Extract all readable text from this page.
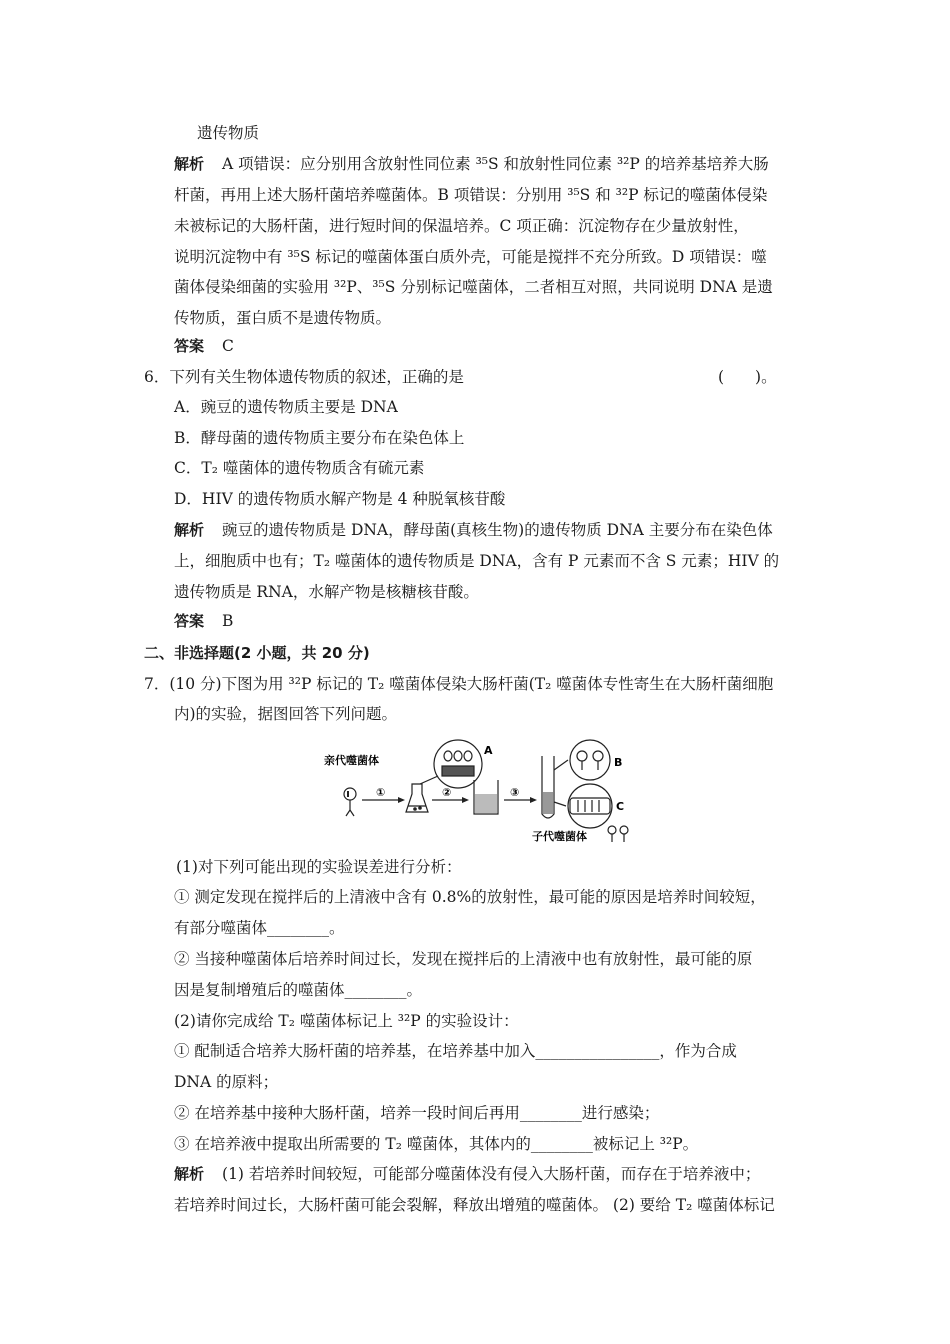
遗传物质
解析 A 项错误：应分别用含放射性同位素 ³⁵S 和放射性同位素 ³²P 的培养基培养大肠
杆菌，再用上述大肠杆菌培养噬菌体。B 项错误：分别用 ³⁵S 和 ³²P 标记的噬菌体侵染
未被标记的大肠杆菌，进行短时间的保温培养。C 项正确：沉淀物存在少量放射性，
说明沉淀物中有 ³⁵S 标记的噬菌体蛋白质外壳，可能是搅拌不充分所致。D 项错误：噬
菌体侵染细菌的实验用 ³²P、³⁵S 分别标记噬菌体，二者相互对照，共同说明 DNA 是遗
传物质，蛋白质不是遗传物质。
答案 C
6．下列有关生物体遗传物质的叙述，正确的是	(　　)。
A．豌豆的遗传物质主要是 DNA
B．酵母菌的遗传物质主要分布在染色体上
C．T₂ 噬菌体的遗传物质含有硫元素
D．HIV 的遗传物质水解产物是 4 种脱氧核苷酸
解析 豌豆的遗传物质是 DNA，酵母菌(真核生物)的遗传物质 DNA 主要分布在染色体
上，细胞质中也有；T₂ 噬菌体的遗传物质是 DNA，含有 P 元素而不含 S 元素；HIV 的
遗传物质是 RNA，水解产物是核糖核苷酸。
答案 B
二、非选择题(2 小题，共 20 分)
7．(10 分)下图为用 ³²P 标记的 T₂ 噬菌体侵染大肠杆菌(T₂ 噬菌体专性寄生在大肠杆菌细胞
内)的实验，据图回答下列问题。
亲代噬菌体
①
A
②	③
B
C
子代噬菌体
(1)对下列可能出现的实验误差进行分析：
① 测定发现在搅拌后的上清液中含有 0.8%的放射性，最可能的原因是培养时间较短，
有部分噬菌体________。
② 当接种噬菌体后培养时间过长，发现在搅拌后的上清液中也有放射性，最可能的原
因是复制增殖后的噬菌体________。
(2)请你完成给 T₂ 噬菌体标记上 ³²P 的实验设计：
① 配制适合培养大肠杆菌的培养基，在培养基中加入________________，作为合成
DNA 的原料；
② 在培养基中接种大肠杆菌，培养一段时间后再用________进行感染；
③ 在培养液中提取出所需要的 T₂ 噬菌体，其体内的________被标记上 ³²P。
解析 (1) 若培养时间较短，可能部分噬菌体没有侵入大肠杆菌，而存在于培养液中；
若培养时间过长，大肠杆菌可能会裂解，释放出增殖的噬菌体。 (2) 要给 T₂ 噬菌体标记
